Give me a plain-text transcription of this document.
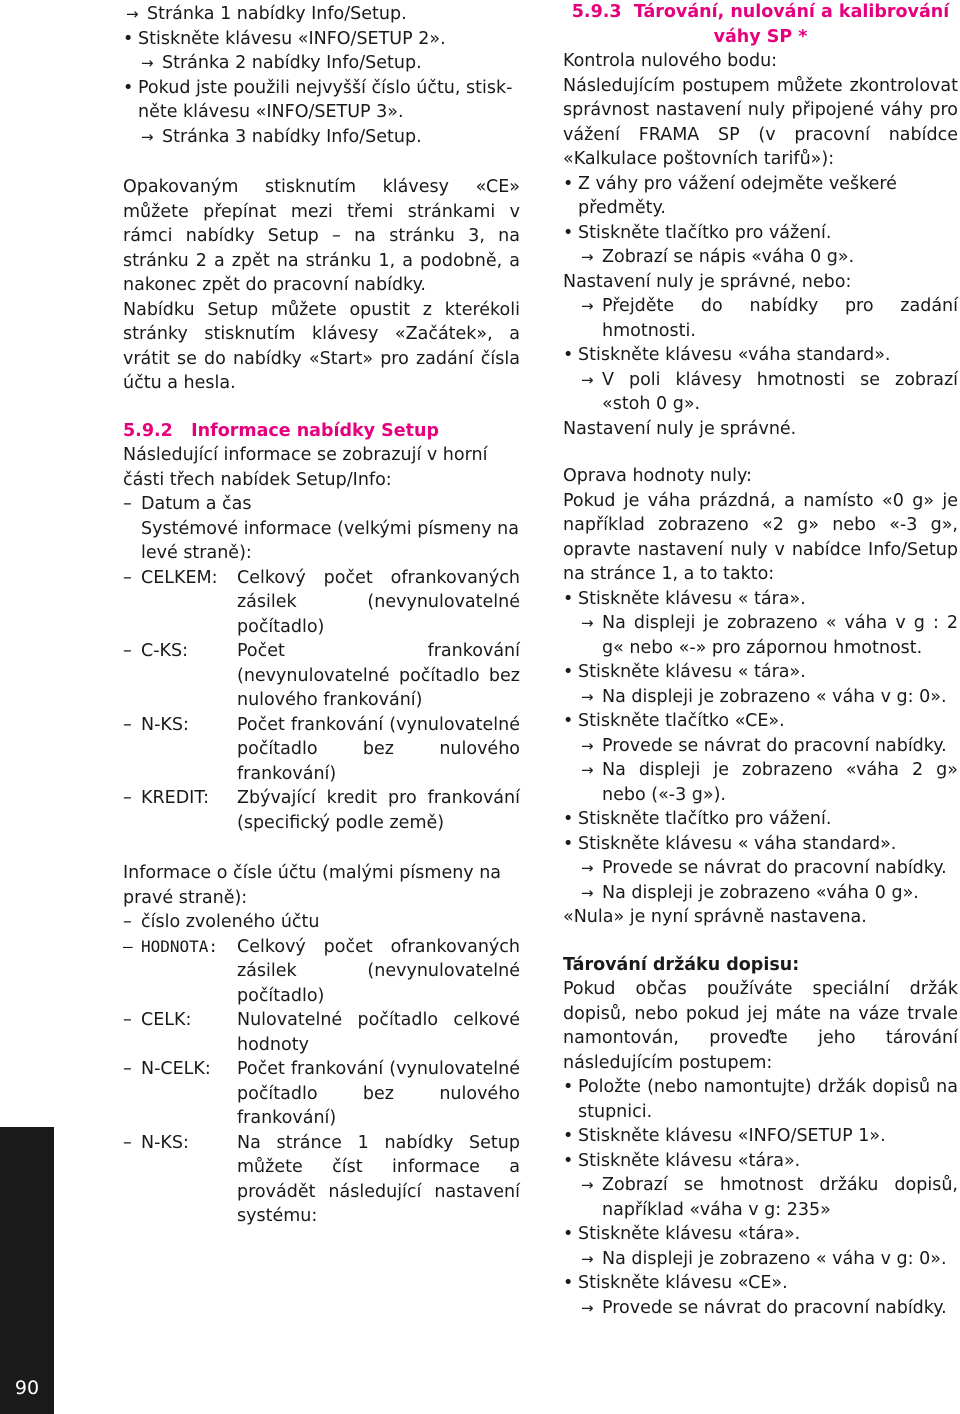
→ Stránka 1 nabídky Info/Setup.

• Stiskněte klávesu «INFO/SETUP 2».

→ Stránka 2 nabídky Info/Setup.

• Pokud jste použili nejvyšší číslo účtu, stisk-

něte klávesu «INFO/SETUP 3».

→ Stránka 3 nabídky Info/Setup.

Opakovaným stisknutím klávesy «CE» můžete přepínat mezi třemi stránkami v rámci nabídky Setup – na stránku 3, na stránku 2 a zpět na stránku 1, a podobně, a nakonec zpět do pracovní nabídky.

Nabídku Setup můžete opustit z kterékoli stránky stisknutím klávesy «Začátek», a vrátit se do nabídky «Start» pro zadání čísla účtu a hesla.

5.9.2 Informace nabídky Setup

Následující informace se zobrazují v horní části třech nabídek Setup/Info:

– Datum a čas

Systémové informace (velkými písmeny na levé straně):

– CELKEM:	Celkový počet ofrankovaných zásilek (nevynulovatelné počítadlo)
– C-KS:	Počet frankování (nevynulovatelné počítadlo bez nulového frankování)
– N-KS:	Počet frankování (vynulovatelné počítadlo bez nulového frankování)
– KREDIT:	Zbývající kredit pro frankování (specifický podle země)

Informace o čísle účtu (malými písmeny na pravé straně):

– číslo zvoleného účtu
– HODNOTA:	Celkový počet ofrankovaných zásilek (nevynulovatelné počítadlo)
– CELK:	Nulovatelné počítadlo celkové hodnoty
– N-CELK:	Počet frankování (vynulovatelné počítadlo bez nulového frankování)
– N-KS:	Na stránce 1 nabídky Setup můžete číst informace a provádět následující nastavení systému:

5.9.3 Tárování, nulování a kalibrování
váhy SP *

Kontrola nulového bodu:

Následujícím postupem můžete zkontrolovat správnost nastavení nuly připojené váhy pro vážení FRAMA SP (v pracovní nabídce «Kalkulace poštovních tarifů»):

• Z váhy pro vážení odejměte veškeré předměty.

• Stiskněte tlačítko pro vážení.

→ Zobrazí se nápis «váha 0 g».

Nastavení nuly je správné, nebo:

→ Přejděte do nabídky pro zadání hmotnosti.

• Stiskněte klávesu «váha standard».

→ V poli klávesy hmotnosti se zobrazí «stoh 0 g».

Nastavení nuly je správné.

Oprava hodnoty nuly:

Pokud je váha prázdná, a namísto «0 g» je například zobrazeno «2 g» nebo «-3 g», opravte nastavení nuly v nabídce Info/Setup na stránce 1, a to takto:

• Stiskněte klávesu « tára».

→ Na displeji je zobrazeno « váha v g : 2 g« nebo «-» pro zápornou hmotnost.

• Stiskněte klávesu « tára».

→ Na displeji je zobrazeno « váha v g: 0».

• Stiskněte tlačítko «CE».

→ Provede se návrat do pracovní nabídky.

→ Na displeji je zobrazeno «váha 2 g» nebo («-3 g»).

• Stiskněte tlačítko pro vážení.

• Stiskněte klávesu « váha standard».

→ Provede se návrat do pracovní nabídky.

→ Na displeji je zobrazeno «váha 0 g».

«Nula» je nyní správně nastavena.

Tárování držáku dopisu:

Pokud občas používáte speciální držák dopisů, nebo pokud jej máte na váze trvale namontován, proveďte jeho tárování následujícím postupem:

• Položte (nebo namontujte) držák dopisů na stupnici.

• Stiskněte klávesu «INFO/SETUP 1».

• Stiskněte klávesu «tára».

→ Zobrazí se hmotnost držáku dopisů, například «váha v g: 235»

• Stiskněte klávesu «tára».

→ Na displeji je zobrazeno « váha v g: 0».

• Stiskněte klávesu «CE».

→ Provede se návrat do pracovní nabídky.

90
